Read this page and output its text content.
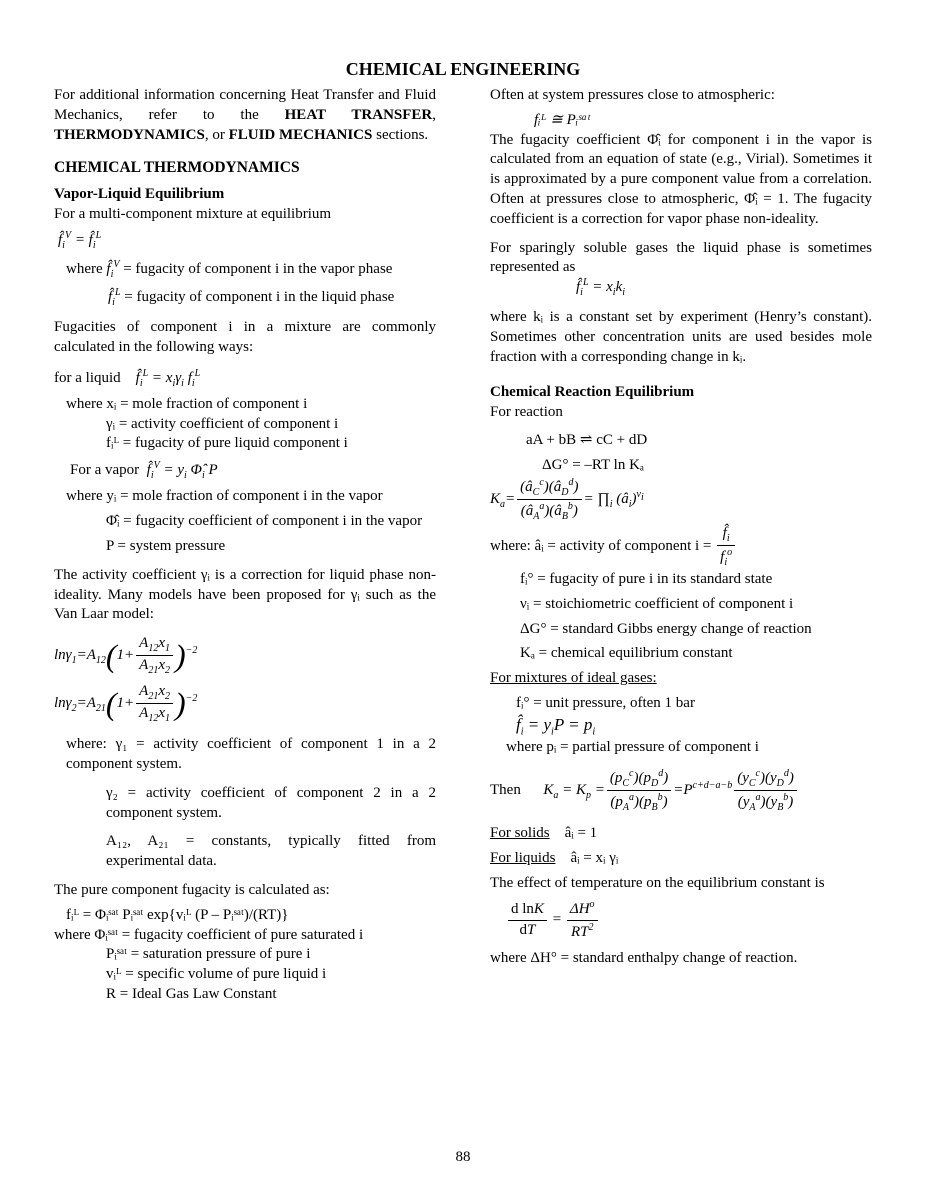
CHEMICAL ENGINEERING

For additional information concerning Heat Transfer and Fluid Mechanics, refer to the HEAT TRANSFER, THERMODYNAMICS, or FLUID MECHANICS sections.

CHEMICAL THERMODYNAMICS
Vapor-Liquid Equilibrium

For a multi-component mixture at equilibrium

$f̂_i^V$ = $f̂_i^L$
where $f̂_i^V$ = fugacity of component i in the vapor phase
$f̂_i^L$ = fugacity of component i in the liquid phase

Fugacities of component i in a mixture are commonly calculated in the following ways:

for a liquid $f̂_i^L = x_i\gamma_i$ $f_i^L$
where xᵢ = mole fraction of component i
γᵢ = activity coefficient of component i
fᵢᴸ = fugacity of pure liquid component i
For a vapor $f̂_i^V = y_i$ $\Phî_i$ P
where yᵢ = mole fraction of component i in the vapor
Φ̂ᵢ = fugacity coefficient of component i in the vapor
P = system pressure

The activity coefficient γᵢ is a correction for liquid phase non-ideality. Many models have been proposed for γᵢ such as the Van Laar model:

$\ln\gamma_1=A_{12}(1+ \frac{A_{12}x_1}{A_{21}x_2} )^{-2}$
$\ln\gamma_2=A_{21}(1+ \frac{A_{21}x_2}{A_{12}x_1} )^{-2}$

where: γ₁ = activity coefficient of component 1 in a 2 component system.

γ₂ = activity coefficient of component 2 in a 2 component system.

A₁₂, A₂₁ = constants, typically fitted from experimental data.

The pure component fugacity is calculated as:

fᵢᴸ = Φᵢˢᵃᵗ Pᵢˢᵃᵗ exp{vᵢᴸ (P – Pᵢˢᵃᵗ)/(RT)}
where Φᵢˢᵃᵗ = fugacity coefficient of pure saturated i
Pᵢˢᵃᵗ = saturation pressure of pure i
vᵢᴸ = specific volume of pure liquid i
R = Ideal Gas Law Constant

Often at system pressures close to atmospheric:

fᵢᴸ ≅ Pᵢˢᵃᵗ

The fugacity coefficient Φ̂ᵢ for component i in the vapor is calculated from an equation of state (e.g., Virial). Sometimes it is approximated by a pure component value from a correlation. Often at pressures close to atmospheric, Φ̂ᵢ = 1. The fugacity coefficient is a correction for vapor phase non-ideality.

For sparingly soluble gases the liquid phase is sometimes represented as

$f̂_i^L = x_ik_i$

where kᵢ is a constant set by experiment (Henry’s constant). Sometimes other concentration units are used besides mole fraction with a corresponding change in kᵢ.

Chemical Reaction Equilibrium
For reaction
aA + bB ⇌ cC + dD
ΔG° = –RT ln Kₐ
$K_a= \frac{(â_C^c)(â_D^d)}{(â_A^a)(â_B^b)}$ = $\prod_i$ $(â_i)^{\nu_i}$
where: âᵢ = activity of component $i = \frac{f̂_i}{f_i^o}$
fᵢ° = fugacity of pure i in its standard state
νᵢ = stoichiometric coefficient of component i
ΔG° = standard Gibbs energy change of reaction
Kₐ = chemical equilibrium constant
For mixtures of ideal gases:
fᵢ° = unit pressure, often 1 bar
$f̂_i = y_iP = p_i$
where pᵢ = partial pressure of component i
Then $K_a = K_p = \frac{(p_C^c)(p_D^d)}{(p_A^a)(p_B^b)} =P^{c+d-a-b} \frac{(y_C^c)(y_D^d)}{(y_A^a)(y_B^b)}$
For solids âᵢ = 1
For liquids âᵢ = xᵢ γᵢ
The effect of temperature on the equilibrium constant is
$\frac{\text{d lnK}}{dT} = \frac{\Delta H^o}{RT^2}$
where ΔH° = standard enthalpy change of reaction.
88
